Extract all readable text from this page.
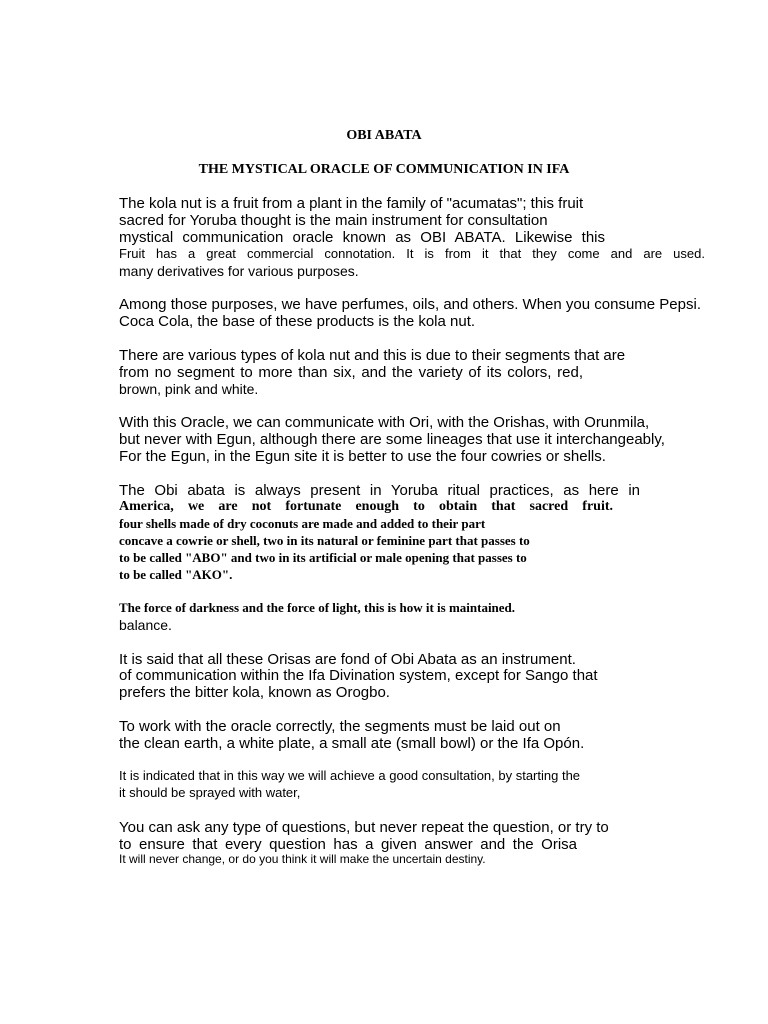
OBI ABATA
THE MYSTICAL ORACLE OF COMMUNICATION IN IFA
The kola nut is a fruit from a plant in the family of "acumatas"; this fruit
sacred for Yoruba thought is the main instrument for consultation
mystical communication oracle known as OBI ABATA. Likewise this
Fruit has a great commercial connotation. It is from it that they come and are used.
many derivatives for various purposes.
Among those purposes, we have perfumes, oils, and others. When you consume Pepsi.
Coca Cola, the base of these products is the kola nut.
There are various types of kola nut and this is due to their segments that are
from no segment to more than six, and the variety of its colors, red,
brown, pink and white.
With this Oracle, we can communicate with Ori, with the Orishas, with Orunmila,
but never with Egun, although there are some lineages that use it interchangeably,
For the Egun, in the Egun site it is better to use the four cowries or shells.
The Obi abata is always present in Yoruba ritual practices, as here in
America, we are not fortunate enough to obtain that sacred fruit.
four shells made of dry coconuts are made and added to their part
concave a cowrie or shell, two in its natural or feminine part that passes to
to be called "ABO" and two in its artificial or male opening that passes to
to be called "AKO".
The force of darkness and the force of light, this is how it is maintained.
balance.
It is said that all these Orisas are fond of Obi Abata as an instrument.
of communication within the Ifa Divination system, except for Sango that
prefers the bitter kola, known as Orogbo.
To work with the oracle correctly, the segments must be laid out on
the clean earth, a white plate, a small ate (small bowl) or the Ifa Opón.
It is indicated that in this way we will achieve a good consultation, by starting the
it should be sprayed with water,
You can ask any type of questions, but never repeat the question, or try to
to ensure that every question has a given answer and the Orisa
It will never change, or do you think it will make the uncertain destiny.
